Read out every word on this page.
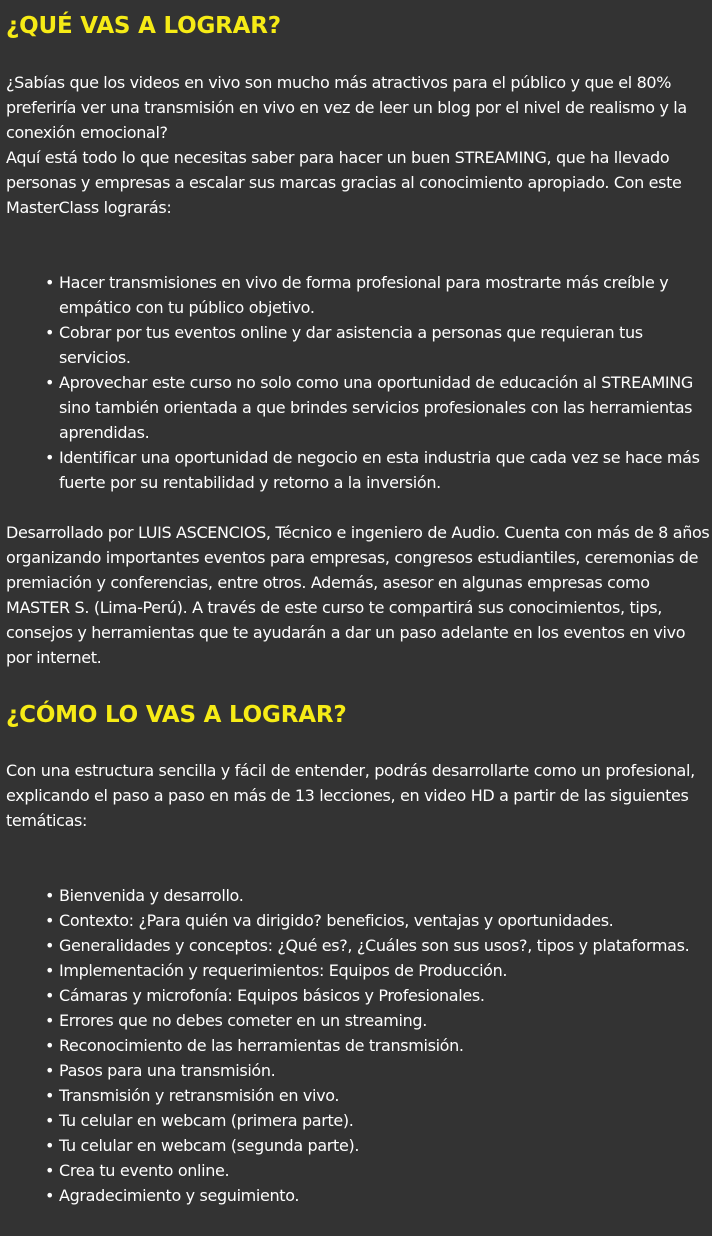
¿QUÉ VAS A LOGRAR?
¿Sabías que los videos en vivo son mucho más atractivos para el público y que el 80% preferiría ver una transmisión en vivo en vez de leer un blog por el nivel de realismo y la conexión emocional?
Aquí está todo lo que necesitas saber para hacer un buen STREAMING, que ha llevado personas y empresas a escalar sus marcas gracias al conocimiento apropiado. Con este MasterClass lograrás:
• Hacer transmisiones en vivo de forma profesional para mostrarte más creíble y empático con tu público objetivo.
• Cobrar por tus eventos online y dar asistencia a personas que requieran tus servicios.
• Aprovechar este curso no solo como una oportunidad de educación al STREAMING sino también orientada a que brindes servicios profesionales con las herramientas aprendidas.
• Identificar una oportunidad de negocio en esta industria que cada vez se hace más fuerte por su rentabilidad y retorno a la inversión.

Desarrollado por LUIS ASCENCIOS, Técnico e ingeniero de Audio. Cuenta con más de 8 años organizando importantes eventos para empresas, congresos estudiantiles, ceremonias de premiación y conferencias, entre otros. Además, asesor en algunas empresas como MASTER S. (Lima-Perú). A través de este curso te compartirá sus conocimientos, tips, consejos y herramientas que te ayudarán a dar un paso adelante en los eventos en vivo por internet.

¿CÓMO LO VAS A LOGRAR?

Con una estructura sencilla y fácil de entender, podrás desarrollarte como un profesional, explicando el paso a paso en más de 13 lecciones, en video HD a partir de las siguientes temáticas:

• Bienvenida y desarrollo.
• Contexto: ¿Para quién va dirigido? beneficios, ventajas y oportunidades.
• Generalidades y conceptos: ¿Qué es?, ¿Cuáles son sus usos?, tipos y plataformas.
• Implementación y requerimientos: Equipos de Producción.
• Cámaras y microfonía: Equipos básicos y Profesionales.
• Errores que no debes cometer en un streaming.
• Reconocimiento de las herramientas de transmisión.
• Pasos para una transmisión.
• Transmisión y retransmisión en vivo.
• Tu celular en webcam (primera parte).
• Tu celular en webcam (segunda parte).
• Crea tu evento online.
• Agradecimiento y seguimiento.
